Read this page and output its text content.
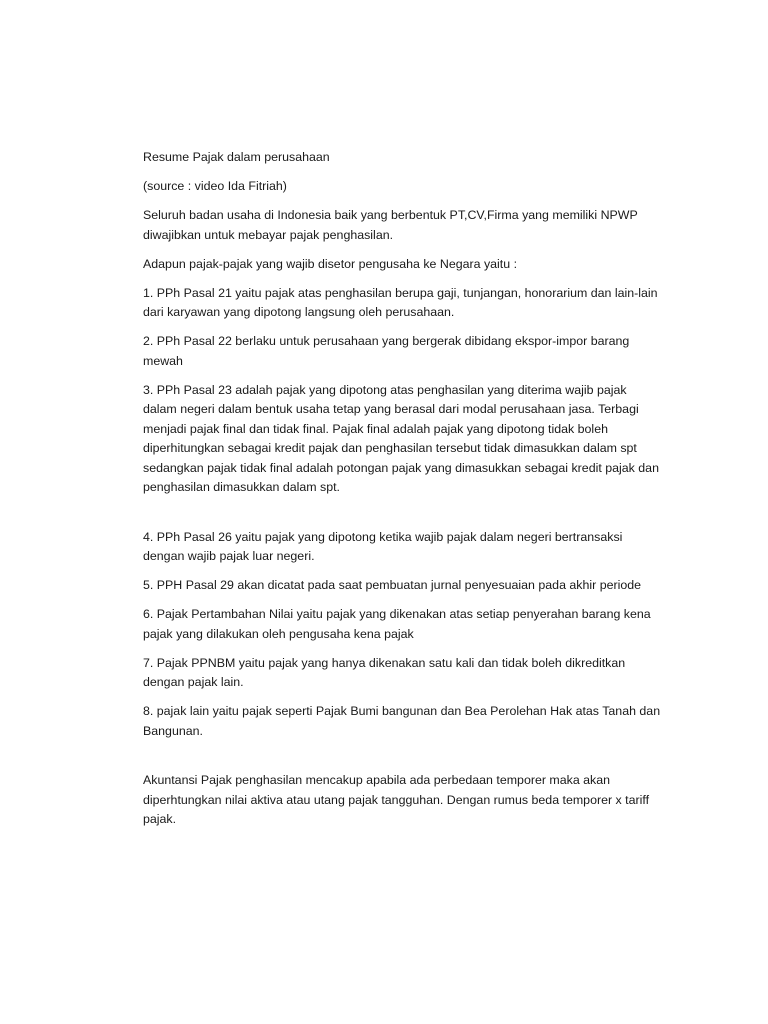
Resume Pajak dalam perusahaan

(source : video Ida Fitriah)

Seluruh badan usaha di Indonesia baik yang berbentuk PT,CV,Firma yang memiliki NPWP diwajibkan untuk mebayar pajak penghasilan.

Adapun pajak-pajak yang wajib disetor pengusaha ke Negara yaitu :

1. PPh Pasal 21 yaitu pajak atas penghasilan berupa gaji, tunjangan, honorarium dan lain-lain dari karyawan yang dipotong langsung oleh perusahaan.

2. PPh Pasal 22 berlaku untuk perusahaan yang bergerak dibidang ekspor-impor barang mewah

3. PPh Pasal 23 adalah pajak yang dipotong atas penghasilan yang diterima wajib pajak dalam negeri dalam bentuk usaha tetap yang berasal dari modal perusahaan jasa. Terbagi menjadi pajak final dan tidak final. Pajak final adalah pajak yang dipotong tidak boleh diperhitungkan sebagai kredit pajak dan penghasilan tersebut tidak dimasukkan dalam spt sedangkan pajak tidak final adalah potongan pajak yang dimasukkan sebagai kredit pajak dan penghasilan dimasukkan dalam spt.

4. PPh Pasal 26 yaitu pajak yang dipotong ketika wajib pajak dalam negeri bertransaksi dengan wajib pajak luar negeri.

5. PPH Pasal 29 akan dicatat pada saat pembuatan jurnal penyesuaian pada akhir periode

6. Pajak Pertambahan Nilai yaitu pajak yang dikenakan atas setiap penyerahan barang kena pajak yang dilakukan oleh pengusaha kena pajak

7. Pajak PPNBM yaitu pajak yang hanya dikenakan satu kali dan tidak boleh dikreditkan dengan pajak lain.

8. pajak lain yaitu pajak seperti Pajak Bumi bangunan dan Bea Perolehan Hak atas Tanah dan Bangunan.

Akuntansi Pajak penghasilan mencakup apabila ada perbedaan temporer maka akan diperhtungkan nilai aktiva atau utang pajak tangguhan. Dengan rumus beda temporer x tariff pajak.
